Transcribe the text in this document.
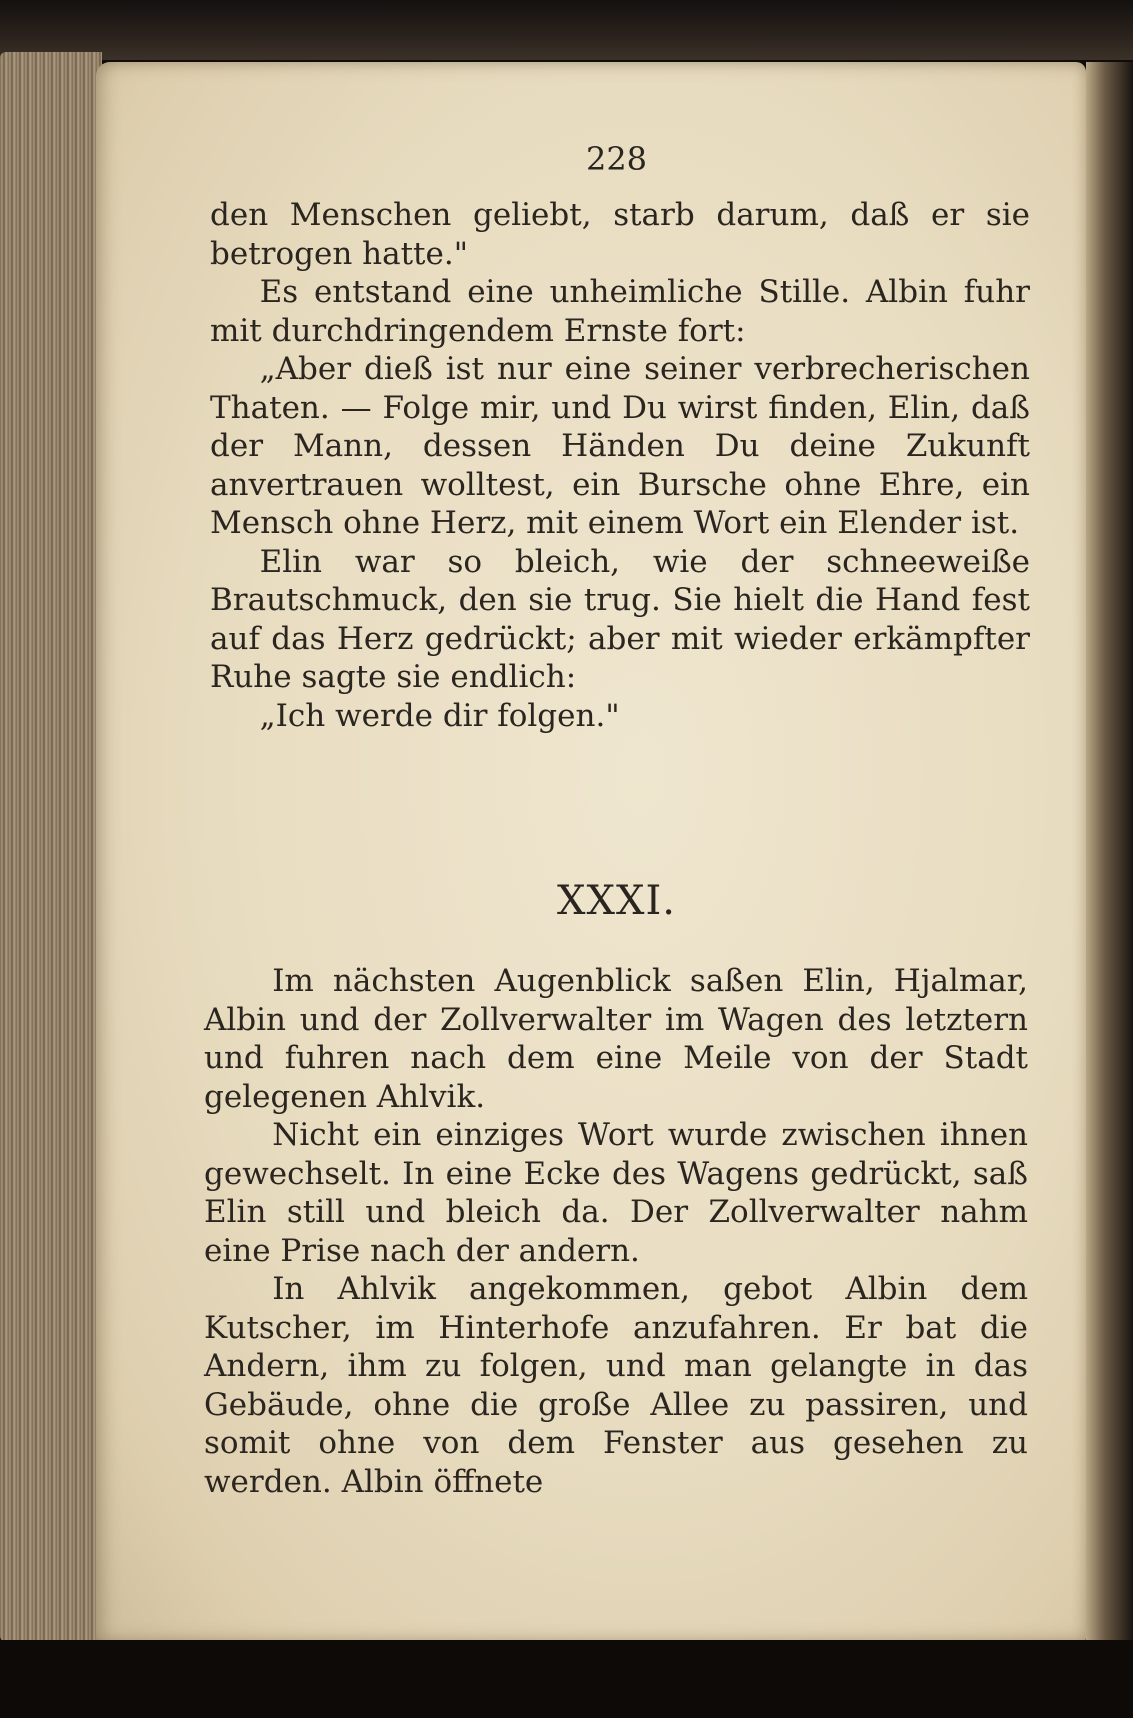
228

den Menschen geliebt, starb darum, daß er sie betrogen hatte."

Es entstand eine unheimliche Stille. Albin fuhr mit durchdringendem Ernste fort:

„Aber dieß ist nur eine seiner verbrecherischen Thaten. — Folge mir, und Du wirst finden, Elin, daß der Mann, dessen Händen Du deine Zukunft anvertrauen wolltest, ein Bursche ohne Ehre, ein Mensch ohne Herz, mit einem Wort ein Elender ist.

Elin war so bleich, wie der schneeweiße Brautschmuck, den sie trug. Sie hielt die Hand fest auf das Herz gedrückt; aber mit wieder erkämpfter Ruhe sagte sie endlich:

„Ich werde dir folgen."

XXXI.

Im nächsten Augenblick saßen Elin, Hjalmar, Albin und der Zollverwalter im Wagen des letztern und fuhren nach dem eine Meile von der Stadt gelegenen Ahlvik.

Nicht ein einziges Wort wurde zwischen ihnen gewechselt. In eine Ecke des Wagens gedrückt, saß Elin still und bleich da. Der Zollverwalter nahm eine Prise nach der andern.

In Ahlvik angekommen, gebot Albin dem Kutscher, im Hinterhofe anzufahren. Er bat die Andern, ihm zu folgen, und man gelangte in das Gebäude, ohne die große Allee zu passiren, und somit ohne von dem Fenster aus gesehen zu werden. Albin öffnete
